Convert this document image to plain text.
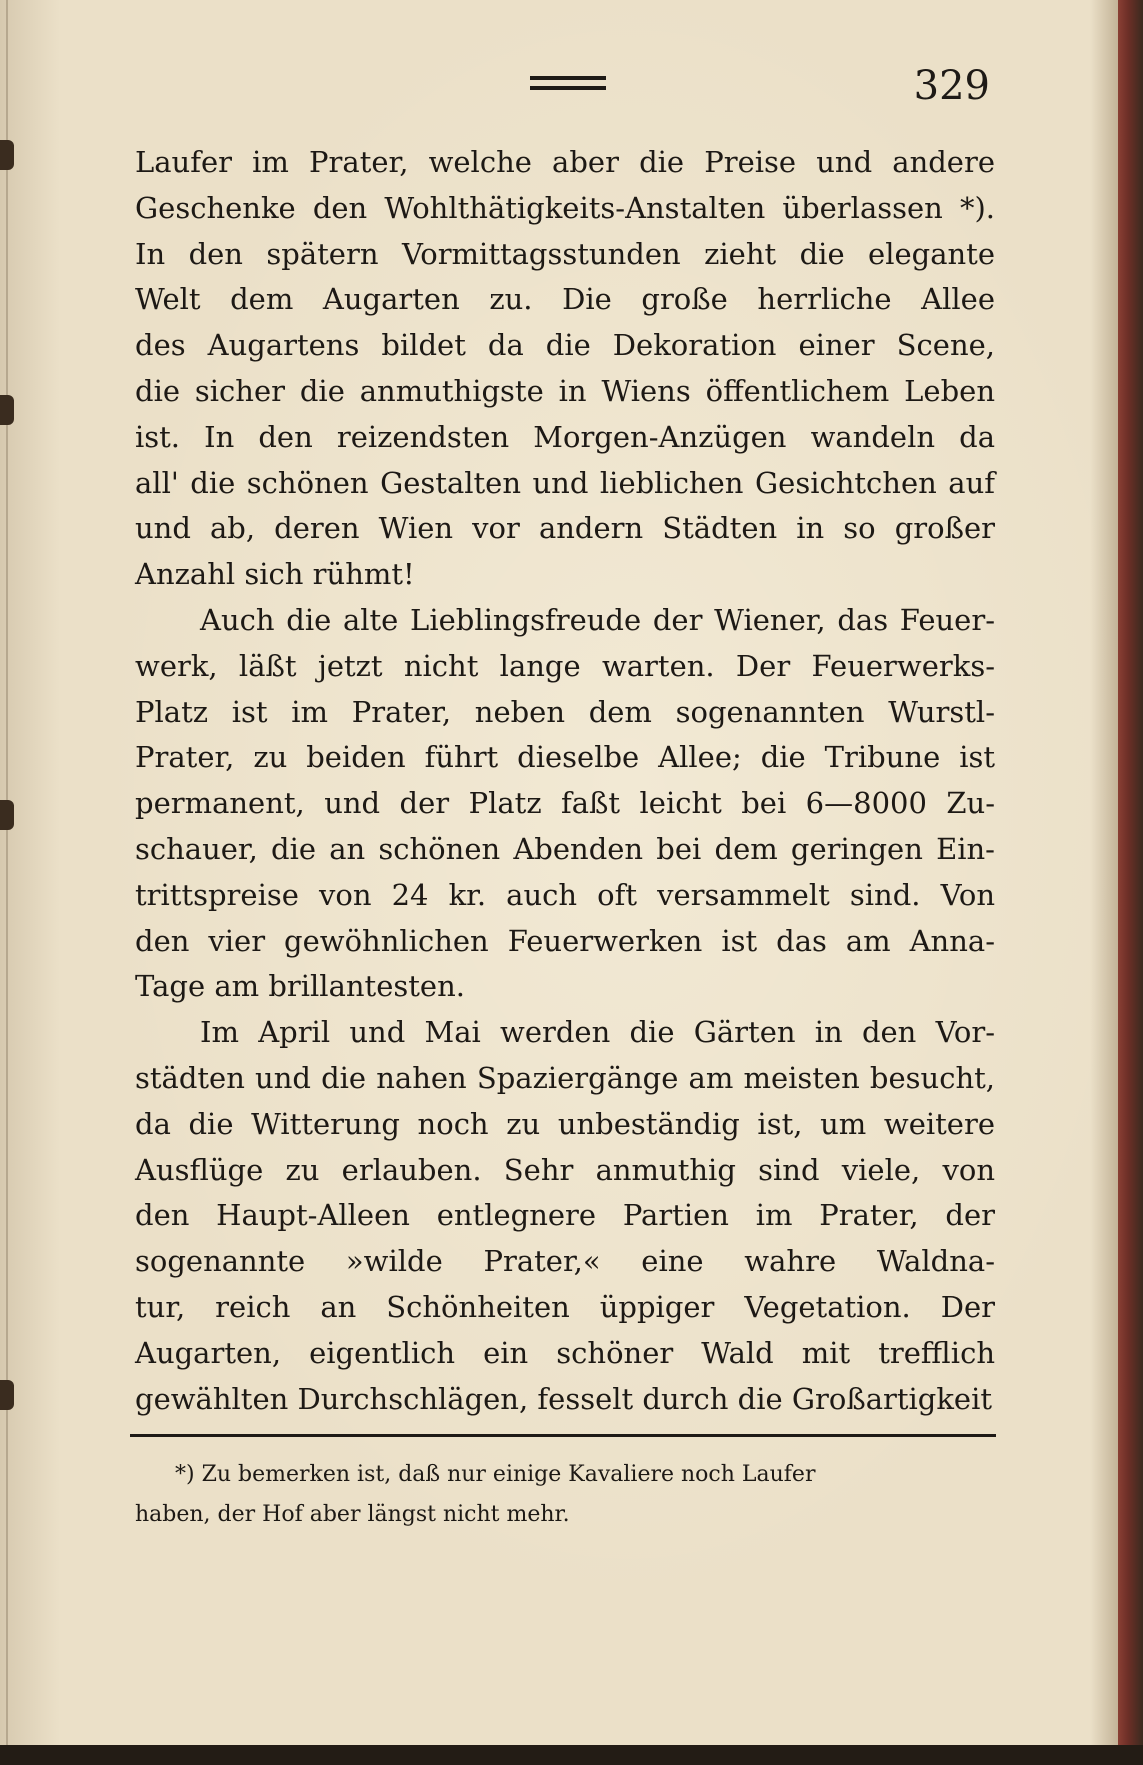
329
Laufer im Prater, welche aber die Preise und andere
Geschenke den Wohlthätigkeits-Anstalten überlassen *).
In den spätern Vormittagsstunden zieht die elegante
Welt dem Augarten zu. Die große herrliche Allee
des Augartens bildet da die Dekoration einer Scene,
die sicher die anmuthigste in Wiens öffentlichem Leben
ist. In den reizendsten Morgen-Anzügen wandeln da
all' die schönen Gestalten und lieblichen Gesichtchen auf
und ab, deren Wien vor andern Städten in so großer
Anzahl sich rühmt!
Auch die alte Lieblingsfreude der Wiener, das Feuer-
werk, läßt jetzt nicht lange warten. Der Feuerwerks-
Platz ist im Prater, neben dem sogenannten Wurstl-
Prater, zu beiden führt dieselbe Allee; die Tribune ist
permanent, und der Platz faßt leicht bei 6—8000 Zu-
schauer, die an schönen Abenden bei dem geringen Ein-
trittspreise von 24 kr. auch oft versammelt sind. Von
den vier gewöhnlichen Feuerwerken ist das am Anna-
Tage am brillantesten.
Im April und Mai werden die Gärten in den Vor-
städten und die nahen Spaziergänge am meisten besucht,
da die Witterung noch zu unbeständig ist, um weitere
Ausflüge zu erlauben. Sehr anmuthig sind viele, von
den Haupt-Alleen entlegnere Partien im Prater, der
sogenannte »wilde Prater,« eine wahre Waldna-
tur, reich an Schönheiten üppiger Vegetation. Der
Augarten, eigentlich ein schöner Wald mit trefflich
gewählten Durchschlägen, fesselt durch die Großartigkeit
*) Zu bemerken ist, daß nur einige Kavaliere noch Laufer
haben, der Hof aber längst nicht mehr.
